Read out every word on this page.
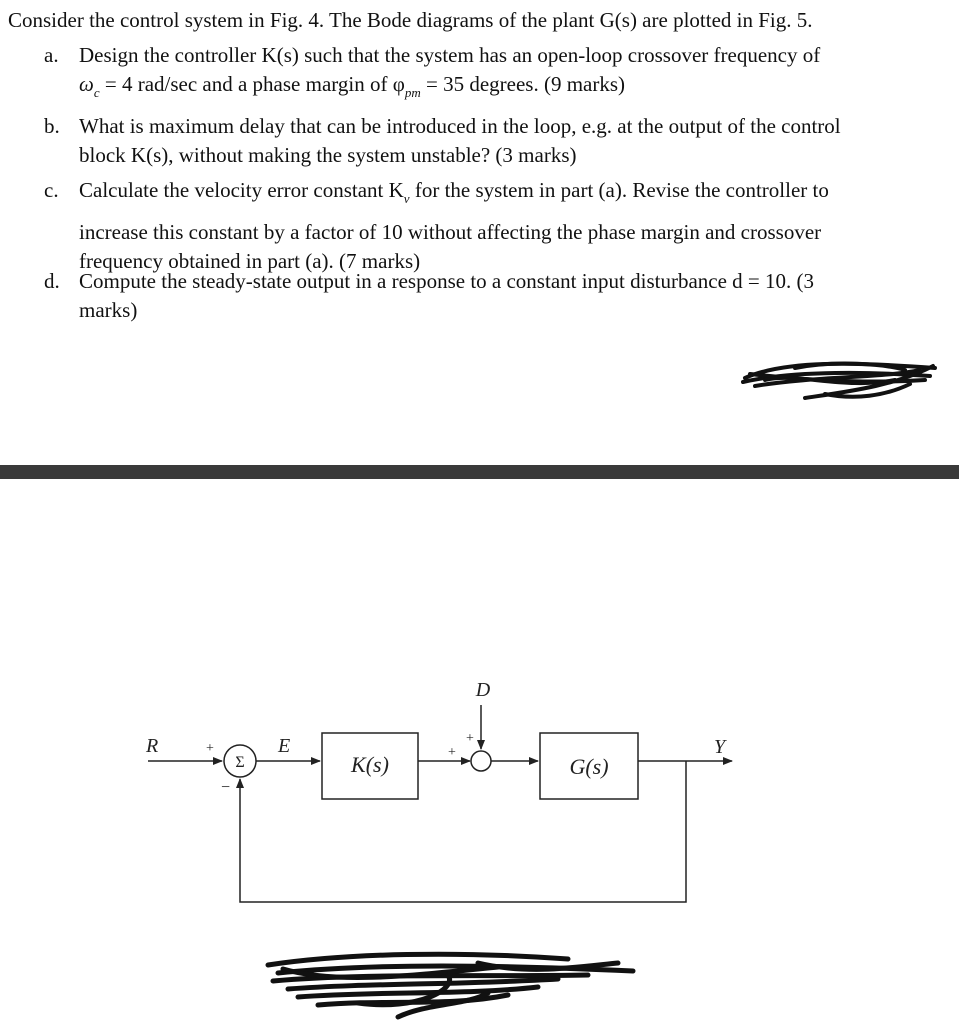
Consider the control system in Fig. 4. The Bode diagrams of the plant G(s) are plotted in Fig. 5.
a. Design the controller K(s) such that the system has an open-loop crossover frequency of
$\omega_c = 4$ rad/sec and a phase margin of $\varphi_{pm} = 35$ degrees. (9 marks)
b. What is maximum delay that can be introduced in the loop, e.g. at the output of the control
block K(s), without making the system unstable? (3 marks)
c. Calculate the velocity error constant $K_v$ for the system in part (a). Revise the controller to
increase this constant by a factor of 10 without affecting the phase margin and crossover
frequency obtained in part (a). (7 marks)
d. Compute the steady-state output in a response to a constant input disturbance d = 10. (3
marks)
R	+
−
Σ
E
K(s)
D
+
+
G(s)
Y
